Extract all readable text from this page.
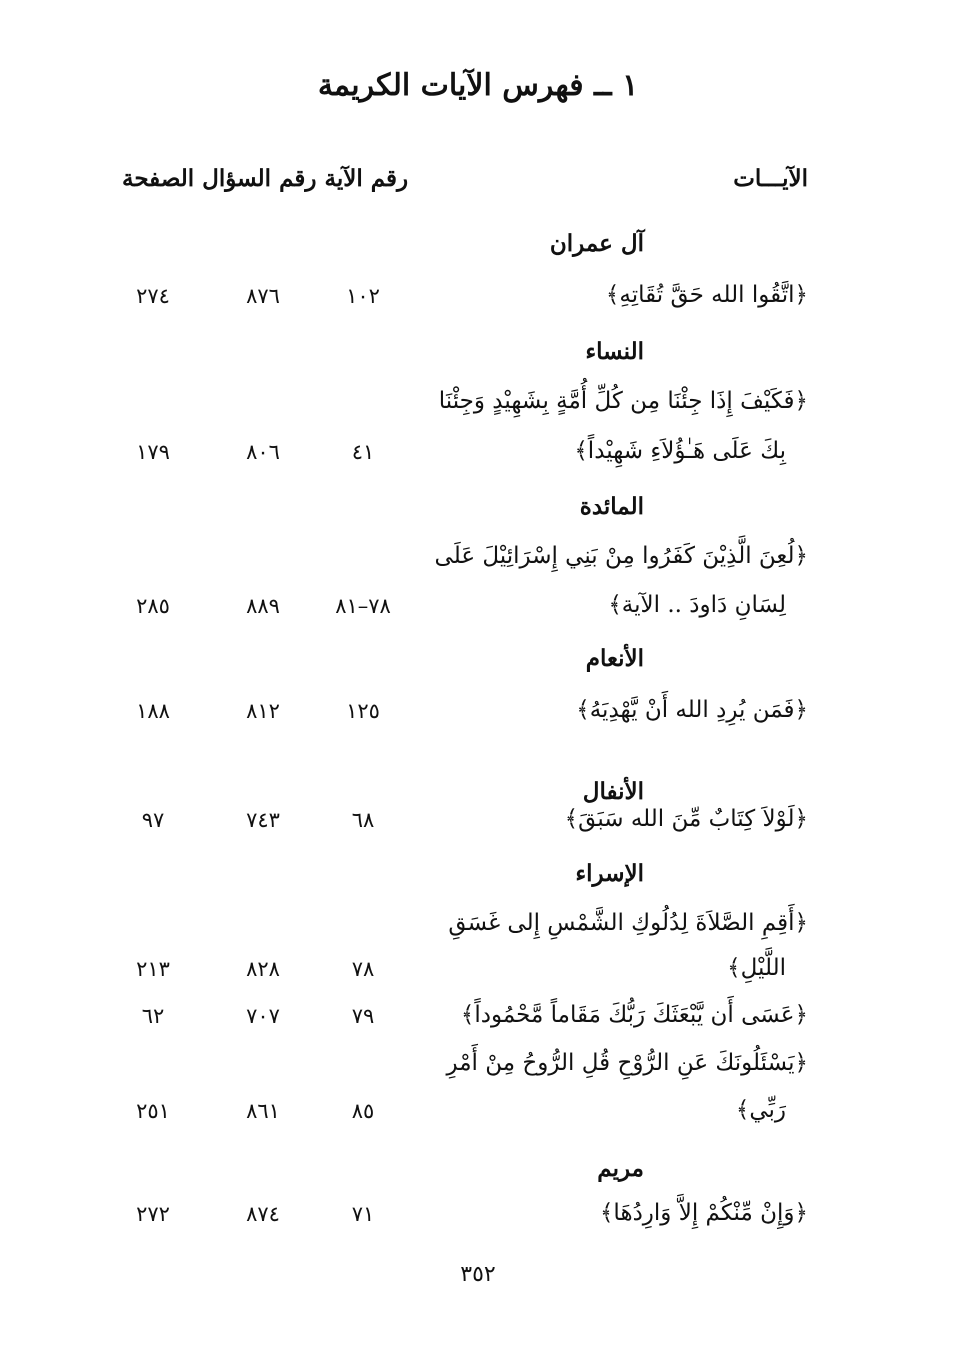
١ ــ فهرس الآيات الكريمة
الآيـــات
رقم الآية رقم السؤال الصفحة
آل عمران
﴿اتَّقُوا الله حَقَّ تُقَاتِهِ﴾
١٠٢
٨٧٦
٢٧٤
النساء
﴿فَكَيْفَ إِذَا جِئْنَا مِن كُلِّ أُمَّةٍ بِشَهِيْدٍ وَجِئْنَا
بِكَ عَلَى هَـٰؤُلاَءِ شَهِيْداً﴾
٤١
٨٠٦
١٧٩
المائدة
﴿لُعِنَ الَّذِيْنَ كَفَرُوا مِنْ بَنِي إِسْرَائِيْلَ عَلَى
لِسَانِ دَاودَ .. الآية﴾
٧٨–٨١
٨٨٩
٢٨٥
الأنعام
﴿فَمَن يُرِدِ الله أَنْ يَّهْدِيَهُ﴾
١٢٥
٨١٢
١٨٨
الأنفال
﴿لَوْلاَ كِتَابٌ مِّنَ الله سَبَقَ﴾
٦٨
٧٤٣
٩٧
الإسراء
﴿أَقِمِ الصَّلاَةَ لِدُلُوكِ الشَّمْسِ إِلى غَسَقِ
اللَّيْلِ﴾
٧٨
٨٢٨
٢١٣
﴿عَسَى أَن يَّبْعَثَكَ رَبُّكَ مَقَاماً مَّحْمُوداً﴾
٧٩
٧٠٧
٦٢
﴿يَسْئَلُونَكَ عَنِ الرُّوْحِ قُلِ الرُّوحُ مِنْ أَمْرِ
رَبِّي﴾
٨٥
٨٦١
٢٥١
مريم
﴿وَإِنْ مِّنْكُمْ إِلاَّ وَارِدُهَا﴾
٧١
٨٧٤
٢٧٢
٣٥٢
